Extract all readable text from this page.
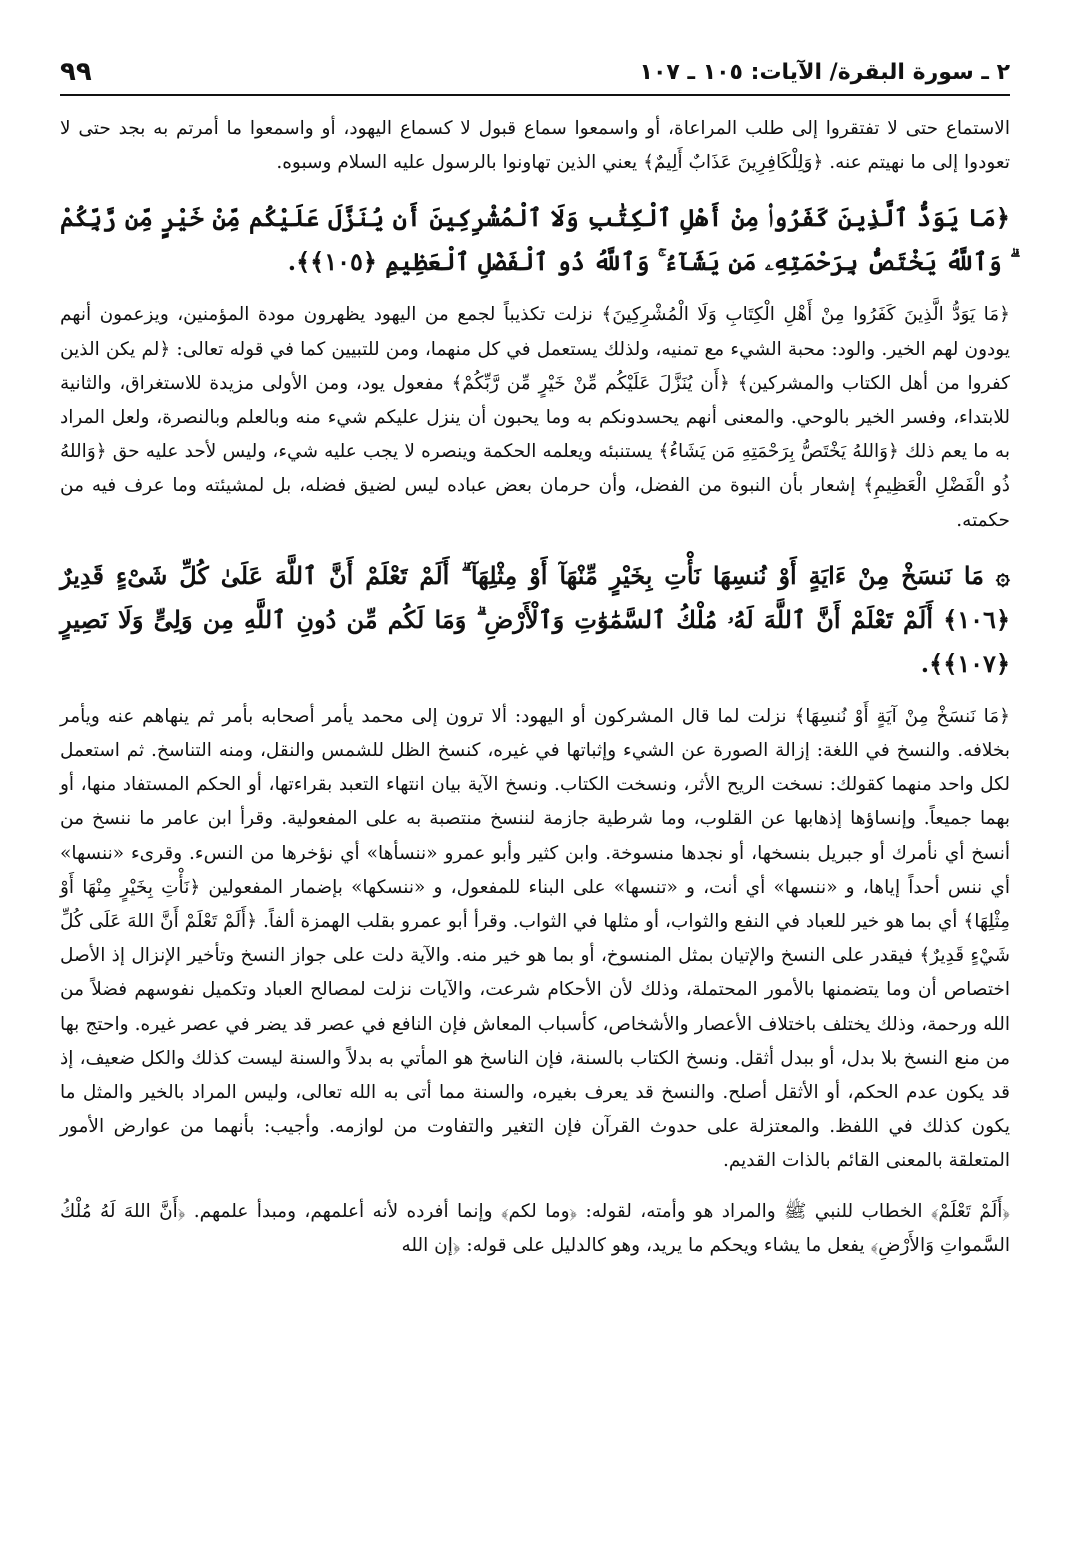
٢ ـ سورة البقرة/ الآيات: ١٠٥ ـ ١٠٧
٩٩

الاستماع حتى لا تفتقروا إلى طلب المراعاة، أو واسمعوا سماع قبول لا كسماع اليهود، أو واسمعوا ما أمرتم به بجد حتى لا تعودوا إلى ما نهيتم عنه. ﴿وَلِلْكَافِرِينَ عَذَابٌ أَلِيمٌ﴾ يعني الذين تهاونوا بالرسول عليه السلام وسبوه.

﴿مَا يَوَدُّ ٱلَّذِينَ كَفَرُوا۟ مِنْ أَهْلِ ٱلْكِتَٰبِ وَلَا ٱلْمُشْرِكِينَ أَن يُنَزَّلَ عَلَيْكُم مِّنْ خَيْرٍ مِّن رَّبِّكُمْ ۗ وَٱللَّهُ يَخْتَصُّ بِرَحْمَتِهِۦ مَن يَشَآءُ ۚ وَٱللَّهُ ذُو ٱلْفَضْلِ ٱلْعَظِيمِ ﴿١٠٥﴾﴾.

﴿مَا يَوَدُّ الَّذِينَ كَفَرُوا مِنْ أَهْلِ الْكِتَابِ وَلَا الْمُشْرِكِينَ﴾ نزلت تكذيباً لجمع من اليهود يظهرون مودة المؤمنين، ويزعمون أنهم يودون لهم الخير. والود: محبة الشيء مع تمنيه، ولذلك يستعمل في كل منهما، ومن للتبيين كما في قوله تعالى: ﴿لم يكن الذين كفروا من أهل الكتاب والمشركين﴾ ﴿أَن يُنَزَّلَ عَلَيْكُم مِّنْ خَيْرٍ مِّن رَّبِّكُمْ﴾ مفعول يود، ومن الأولى مزيدة للاستغراق، والثانية للابتداء، وفسر الخير بالوحي. والمعنى أنهم يحسدونكم به وما يحبون أن ينزل عليكم شيء منه وبالعلم وبالنصرة، ولعل المراد به ما يعم ذلك ﴿وَاللهُ يَخْتَصُّ بِرَحْمَتِهِ مَن يَشَاءُ﴾ يستنبئه ويعلمه الحكمة وينصره لا يجب عليه شيء، وليس لأحد عليه حق ﴿وَاللهُ ذُو الْفَضْلِ الْعَظِيمِ﴾ إشعار بأن النبوة من الفضل، وأن حرمان بعض عباده ليس لضيق فضله، بل لمشيئته وما عرف فيه من حكمته.

۞ مَا نَنسَخْ مِنْ ءَايَةٍ أَوْ نُنسِهَا نَأْتِ بِخَيْرٍ مِّنْهَآ أَوْ مِثْلِهَآ ۗ أَلَمْ تَعْلَمْ أَنَّ ٱللَّهَ عَلَىٰ كُلِّ شَىْءٍ قَدِيرٌ ﴿١٠٦﴾ أَلَمْ تَعْلَمْ أَنَّ ٱللَّهَ لَهُۥ مُلْكُ ٱلسَّمَٰوَٰتِ وَٱلْأَرْضِ ۗ وَمَا لَكُم مِّن دُونِ ٱللَّهِ مِن وَلِىٍّ وَلَا نَصِيرٍ ﴿١٠٧﴾﴾.

﴿مَا نَنسَخْ مِنْ آيَةٍ أَوْ نُنسِهَا﴾ نزلت لما قال المشركون أو اليهود: ألا ترون إلى محمد يأمر أصحابه بأمر ثم ينهاهم عنه ويأمر بخلافه. والنسخ في اللغة: إزالة الصورة عن الشيء وإثباتها في غيره، كنسخ الظل للشمس والنقل، ومنه التناسخ. ثم استعمل لكل واحد منهما كقولك: نسخت الريح الأثر، ونسخت الكتاب. ونسخ الآية بيان انتهاء التعبد بقراءتها، أو الحكم المستفاد منها، أو بهما جميعاً. وإنساؤها إذهابها عن القلوب، وما شرطية جازمة لننسخ منتصبة به على المفعولية. وقرأ ابن عامر ما ننسخ من أنسخ أي نأمرك أو جبريل بنسخها، أو نجدها منسوخة. وابن كثير وأبو عمرو «ننسأها» أي نؤخرها من النسء. وقرىء «ننسها» أي ننس أحداً إياها، و «ننسها» أي أنت، و «تنسها» على البناء للمفعول، و «ننسكها» بإضمار المفعولين ﴿نَأْتِ بِخَيْرٍ مِنْهَا أَوْ مِثْلِهَا﴾ أي بما هو خير للعباد في النفع والثواب، أو مثلها في الثواب. وقرأ أبو عمرو بقلب الهمزة ألفاً. ﴿أَلَمْ تَعْلَمْ أَنَّ اللهَ عَلَى كُلِّ شَيْءٍ قَدِيرٌ﴾ فيقدر على النسخ والإتيان بمثل المنسوخ، أو بما هو خير منه. والآية دلت على جواز النسخ وتأخير الإنزال إذ الأصل اختصاص أن وما يتضمنها بالأمور المحتملة، وذلك لأن الأحكام شرعت، والآيات نزلت لمصالح العباد وتكميل نفوسهم فضلاً من الله ورحمة، وذلك يختلف باختلاف الأعصار والأشخاص، كأسباب المعاش فإن النافع في عصر قد يضر في عصر غيره. واحتج بها من منع النسخ بلا بدل، أو ببدل أثقل. ونسخ الكتاب بالسنة، فإن الناسخ هو المأتي به بدلاً والسنة ليست كذلك والكل ضعيف، إذ قد يكون عدم الحكم، أو الأثقل أصلح. والنسخ قد يعرف بغيره، والسنة مما أتى به الله تعالى، وليس المراد بالخير والمثل ما يكون كذلك في اللفظ. والمعتزلة على حدوث القرآن فإن التغير والتفاوت من لوازمه. وأجيب: بأنهما من عوارض الأمور المتعلقة بالمعنى القائم بالذات القديم.

﴿أَلَمْ تَعْلَمْ﴾ الخطاب للنبي ﷺ والمراد هو وأمته، لقوله: ﴿وما لكم﴾ وإنما أفرده لأنه أعلمهم، ومبدأ علمهم. ﴿أَنَّ اللهَ لَهُ مُلْكُ السَّمواتِ وَالأَرْضِ﴾ يفعل ما يشاء ويحكم ما يريد، وهو كالدليل على قوله: ﴿إن الله
